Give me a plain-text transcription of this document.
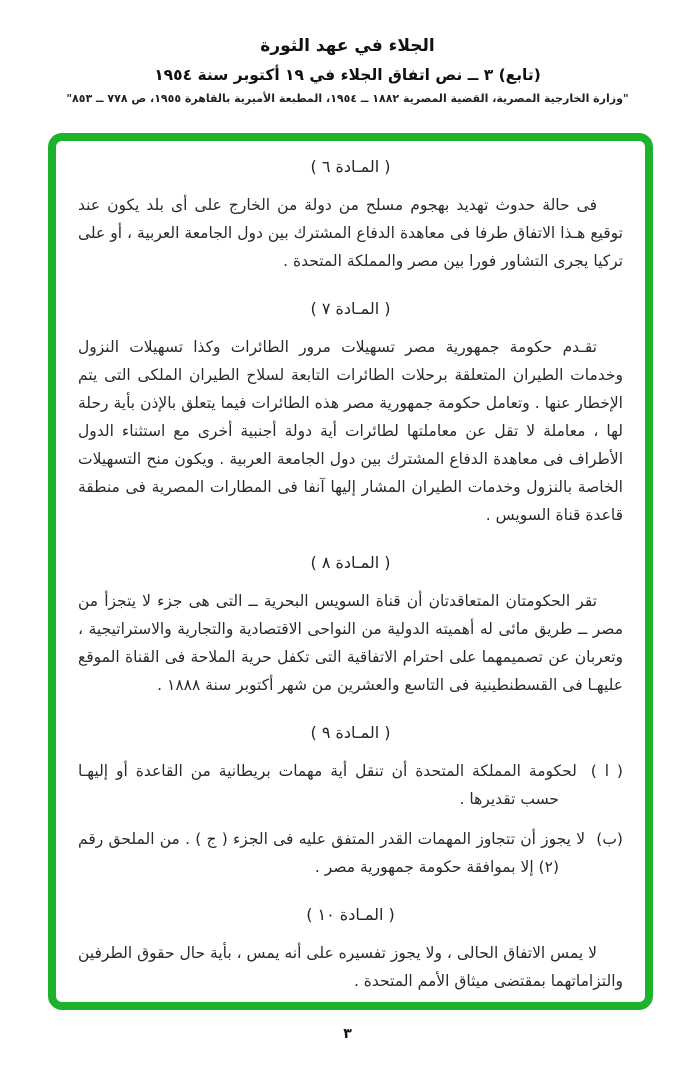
الجلاء في عهد الثورة
(تابع) ٣ ــ نص اتفاق الجلاء في ١٩ أكتوبر سنة ١٩٥٤
"وزارة الخارجية المصرية، القضية المصرية ١٨٨٢ ــ ١٩٥٤، المطبعة الأميرية بالقاهرة ١٩٥٥، ص ٧٧٨ ــ ٨٥٣"
( المـادة ٦ )

فى حالة حدوث تهديد بهجوم مسلح من دولة من الخارج على أى بلد يكون عند توقيع هـذا الاتفاق طرفا فى معاهدة الدفاع المشترك بين دول الجامعة العربية ، أو على تركيا يجرى التشاور فورا بين مصر والمملكة المتحدة .

( المـادة ٧ )

تقـدم حكومة جمهورية مصر تسهيلات مرور الطائرات وكذا تسهيلات النزول وخدمات الطيران المتعلقة برحلات الطائرات التابعة لسلاح الطيران الملكى التى يتم الإخطار عنها . وتعامل حكومة جمهورية مصر هذه الطائرات فيما يتعلق بالإذن بأية رحلة لها ، معاملة لا تقل عن معاملتها لطائرات أية دولة أجنبية أخرى مع استثناء الدول الأطراف فى معاهدة الدفاع المشترك بين دول الجامعة العربية . ويكون منح التسهيلات الخاصة بالنزول وخدمات الطيران المشار إليها آنفا فى المطارات المصرية فى منطقة قاعدة قناة السويس .

( المـادة ٨ )

تقر الحكومتان المتعاقدتان أن قناة السويس البحرية ــ التى هى جزء لا يتجزأ من مصر ــ طريق مائى له أهميته الدولية من النواحى الاقتصادية والتجارية والاستراتيجية ، وتعربان عن تصميمهما على احترام الاتفاقية التى تكفل حرية الملاحة فى القناة الموقع عليهـا فى القسطنطينية فى التاسع والعشرين من شهر أكتوبر سنة ١٨٨٨ .

( المـادة ٩ )
( ا ) لحكومة المملكة المتحدة أن تنقل أية مهمات بريطانية من القاعدة أو إليهـا حسب تقديرها .
(ب) لا يجوز أن تتجاوز المهمات القدر المتفق عليه فى الجزء ( ج ) . من الملحق رقم (٢) إلا بموافقة حكومة جمهورية مصر .
( المـادة ١٠ )

لا يمس الاتفاق الحالى ، ولا يجوز تفسيره على أنه يمس ، بأية حال حقوق الطرفين والتزاماتهما بمقتضى ميثاق الأمم المتحدة .

٣
